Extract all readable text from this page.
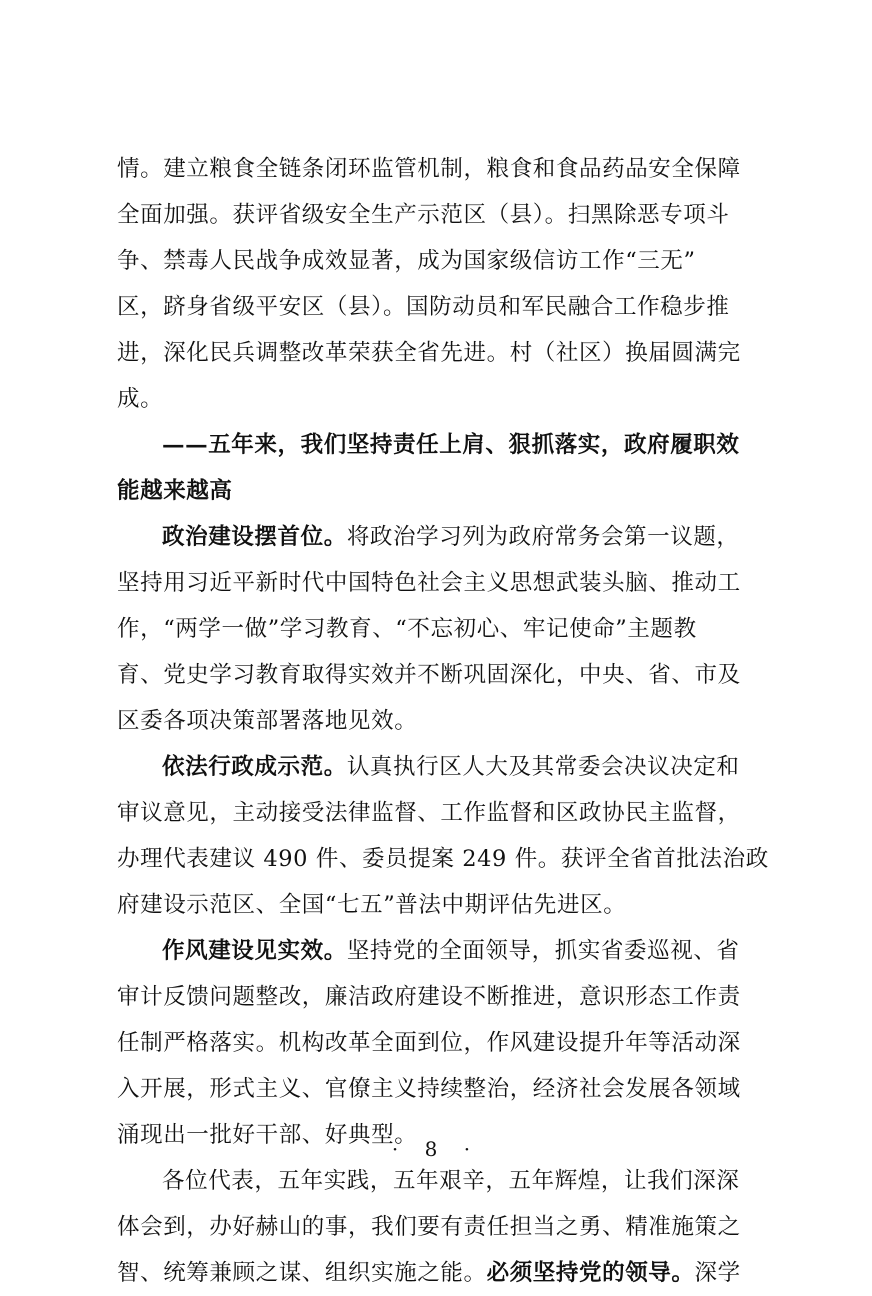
情。建立粮食全链条闭环监管机制，粮食和食品药品安全保障
全面加强。获评省级安全生产示范区（县）。扫黑除恶专项斗
争、禁毒人民战争成效显著，成为国家级信访工作“三无”
区，跻身省级平安区（县）。国防动员和军民融合工作稳步推
进，深化民兵调整改革荣获全省先进。村（社区）换届圆满完
成。
——五年来，我们坚持责任上肩、狠抓落实，政府履职效
能越来越高
政治建设摆首位。将政治学习列为政府常务会第一议题，
坚持用习近平新时代中国特色社会主义思想武装头脑、推动工
作，“两学一做”学习教育、“不忘初心、牢记使命”主题教
育、党史学习教育取得实效并不断巩固深化，中央、省、市及
区委各项决策部署落地见效。
依法行政成示范。认真执行区人大及其常委会决议决定和
审议意见，主动接受法律监督、工作监督和区政协民主监督，
办理代表建议 490 件、委员提案 249 件。获评全省首批法治政
府建设示范区、全国“七五”普法中期评估先进区。
作风建设见实效。坚持党的全面领导，抓实省委巡视、省
审计反馈问题整改，廉洁政府建设不断推进，意识形态工作责
任制严格落实。机构改革全面到位，作风建设提升年等活动深
入开展，形式主义、官僚主义持续整治，经济社会发展各领域
涌现出一批好干部、好典型。
各位代表，五年实践，五年艰辛，五年辉煌，让我们深深
体会到，办好赫山的事，我们要有责任担当之勇、精准施策之
智、统筹兼顾之谋、组织实施之能。必须坚持党的领导。深学
· 8 ·
